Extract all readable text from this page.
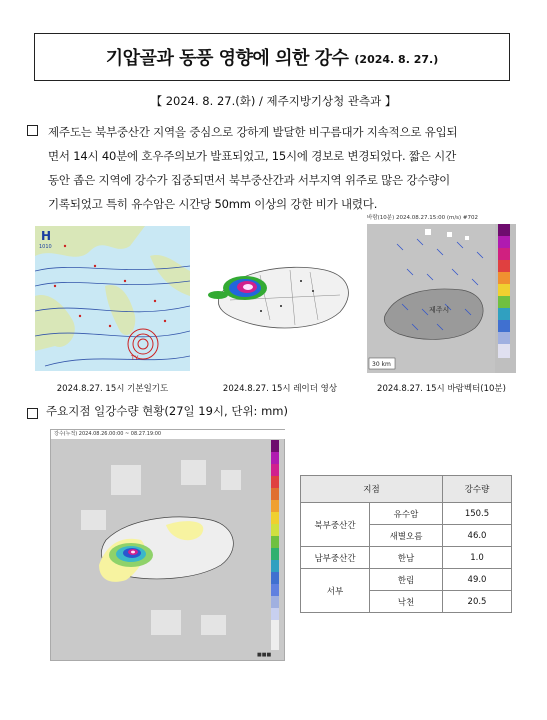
기압골과 동풍 영향에 의한 강수 (2024. 8. 27.)
【 2024. 8. 27.(화) / 제주지방기상청 관측과 】
제주도는 북부중산간 지역을 중심으로 강하게 발달한 비구름대가 지속적으로 유입되
면서 14시 40분에 호우주의보가 발표되었고, 15시에 경보로 변경되었다. 짧은 시간
동안 좁은 지역에 강수가 집중되면서 북부중산간과 서부지역 위주로 많은 강수량이
기록되었고 특히 유수암은 시간당 50mm 이상의 강한 비가 내렸다.
H
1010
TY
2024.8.27. 15시 기본일기도	2024.8.27. 15시 레이더 영상
바람(10분) 2024.08.27.15:00 (m/s) #702
30 km
제주시
2024.8.27. 15시 바람벡터(10분)
주요지점 일강수량 현황(27일 19시, 단위: mm)
강수(누적) 2024.08.26.00:00 ~ 08.27.19:00
■■■
지점		강수량
북부중산간	유수암	150.5
	새별오름	46.0
남부중산간	한남	1.0
서부	한림	49.0
	낙천	20.5
